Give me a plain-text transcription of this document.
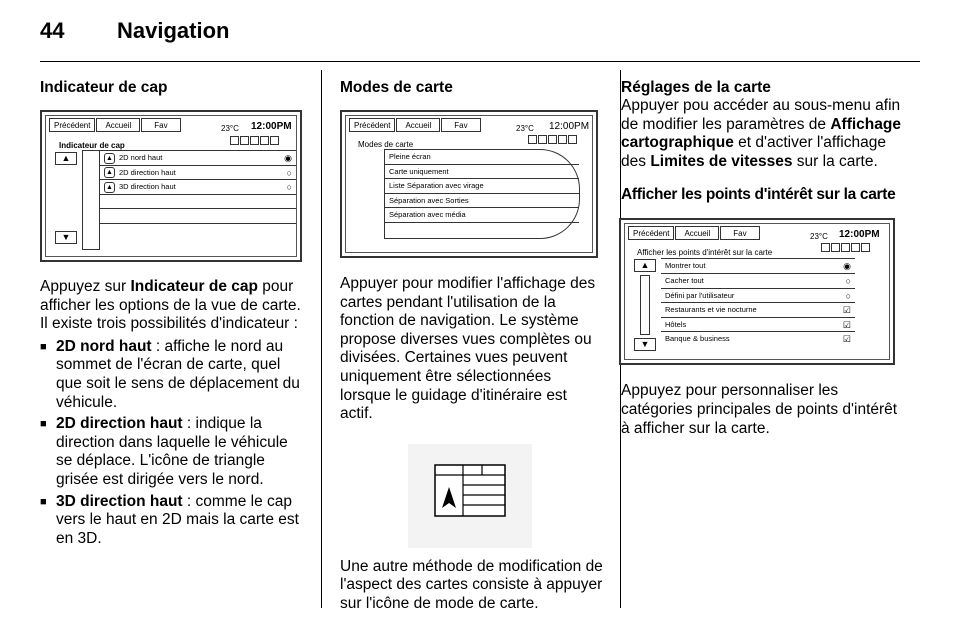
44 Navigation
Indicateur de cap
Précédent	Accueil	Fav	23°C 12:00PM
Indicateur de cap
▲
▼
▲ 2D nord haut	◉
▲ 2D direction haut	○
▲ 3D direction haut	○

Appuyez sur Indicateur de cap pour afficher les options de la vue de carte. Il existe trois possibilités d'indicateur :

■ 2D nord haut : affiche le nord au sommet de l'écran de carte, quel que soit le sens de déplacement du véhicule.
■ 2D direction haut : indique la direction dans laquelle le véhicule se déplace. L'icône de triangle grisée est dirigée vers le nord.
■ 3D direction haut : comme le cap vers le haut en 2D mais la carte est en 3D.
Modes de carte
Précédent	Accueil	Fav	23°C 12:00PM
Modes de carte
Pleine écran
Carte uniquement
Liste Séparation avec virage
Séparation avec Sorties
Séparation avec média

Appuyer pour modifier l'affichage des cartes pendant l'utilisation de la fonction de navigation. Le système propose diverses vues complètes ou divisées. Certaines vues peuvent uniquement être sélectionnées lorsque le guidage d'itinéraire est actif.

Une autre méthode de modification de l'aspect des cartes consiste à appuyer sur l'icône de mode de carte.

Réglages de la carte

Appuyer pou accéder au sous-menu afin de modifier les paramètres de Affichage cartographique et d'activer l'affichage des Limites de vitesses sur la carte.

Afficher les points d'intérêt sur la carte
Précédent	Accueil	Fav	23°C 12:00PM
Afficher les points d'intérêt sur la carte
▲
▼
Montrer tout	◉
Cacher tout	○
Défini par l'utilisateur	○
Restaurants et vie nocturne	☑
Hôtels	☑
Banque & business	☑

Appuyez pour personnaliser les catégories principales de points d'intérêt à afficher sur la carte.
